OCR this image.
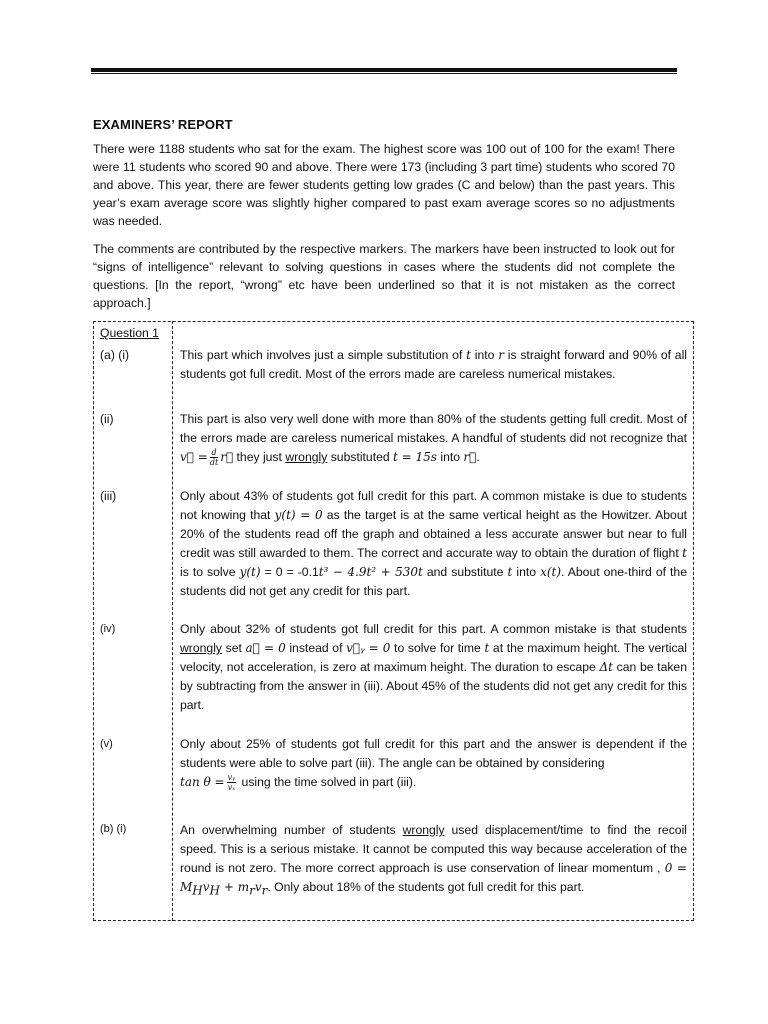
EXAMINERS’ REPORT
There were 1188 students who sat for the exam. The highest score was 100 out of 100 for the exam! There were 11 students who scored 90 and above. There were 173 (including 3 part time) students who scored 70 and above. This year, there are fewer students getting low grades (C and below) than the past years. This year’s exam average score was slightly higher compared to past exam average scores so no adjustments was needed.
The comments are contributed by the respective markers. The markers have been instructed to look out for “signs of intelligence” relevant to solving questions in cases where the students did not complete the questions. [In the report, “wrong” etc have been underlined so that it is not mistaken as the correct approach.]
Question 1
(a) (i)	This part which involves just a simple substitution of t into r is straight forward and 90% of all students got full credit. Most of the errors made are careless numerical mistakes.
(ii)	This part is also very well done with more than 80% of the students getting full credit. Most of the errors made are careless numerical mistakes. A handful of students did not recognize that v⃗ = $\frac{d}{dt}$ r⃗ they just wrongly substituted t = 15s into r⃗.
(iii)	Only about 43% of students got full credit for this part. A common mistake is due to students not knowing that y(t) = 0 as the target is at the same vertical height as the Howitzer. About 20% of the students read off the graph and obtained a less accurate answer but near to full credit was still awarded to them. The correct and accurate way to obtain the duration of flight t is to solve y(t) = 0 = -0.1t³ − 4.9t² + 530t and substitute t into x(t). About one-third of the students did not get any credit for this part.
(iv)	Only about 32% of students got full credit for this part. A common mistake is that students wrongly set a⃗ = 0 instead of v⃗ᵧ = 0 to solve for time t at the maximum height. The vertical velocity, not acceleration, is zero at maximum height. The duration to escape Δt can be taken by subtracting from the answer in (iii). About 45% of the students did not get any credit for this part.
(v)	Only about 25% of students got full credit for this part and the answer is dependent if the students were able to solve part (iii). The angle can be obtained by considering
$\tan \theta = \frac{\text{vᵧ}}{\text{vₓ}}$ using the time solved in part (iii).
(b) (i)	An overwhelming number of students wrongly used displacement/time to find the recoil speed. This is a serious mistake. It cannot be computed this way because acceleration of the round is not zero. The more correct approach is use conservation of linear momentum , $0 = M_Hv_H + m_rv_r$. Only about 18% of the students got full credit for this part.
